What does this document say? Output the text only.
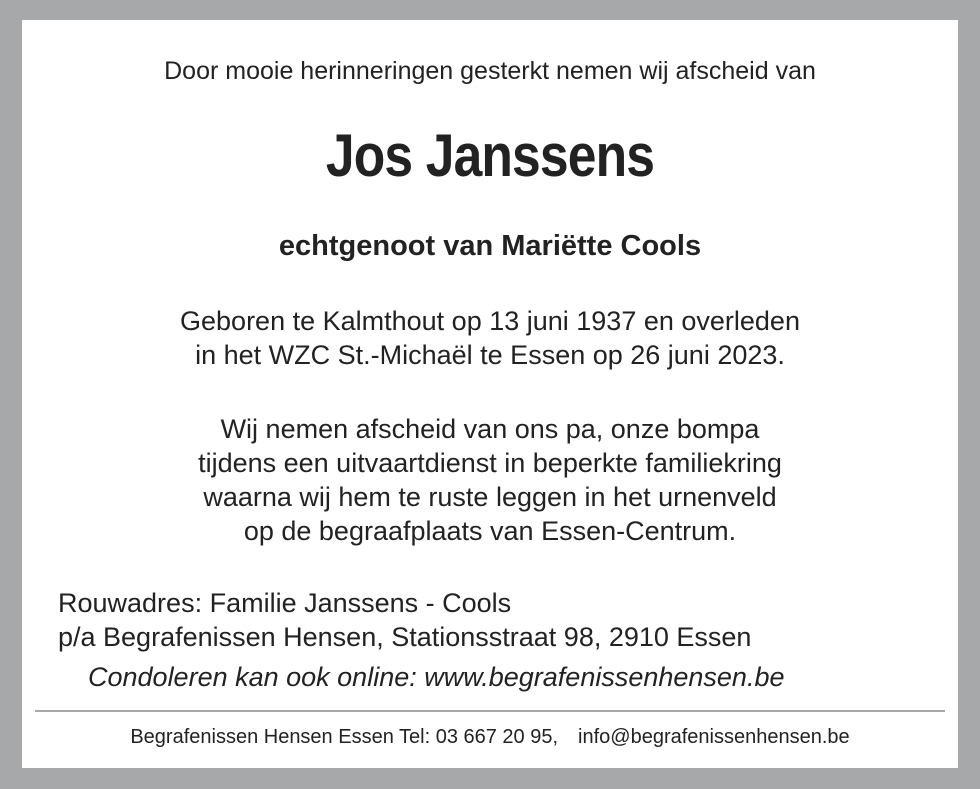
Door mooie herinneringen gesterkt nemen wij afscheid van
Jos Janssens
echtgenoot van Mariëtte Cools
Geboren te Kalmthout op 13 juni 1937 en overleden
in het WZC St.-Michaël te Essen op 26 juni 2023.
Wij nemen afscheid van ons pa, onze bompa
tijdens een uitvaartdienst in beperkte familiekring
waarna wij hem te ruste leggen in het urnenveld
op de begraafplaats van Essen-Centrum.
Rouwadres: Familie Janssens - Cools
p/a Begrafenissen Hensen, Stationsstraat 98, 2910 Essen
Condoleren kan ook online: www.begrafenissenhensen.be
Begrafenissen Hensen Essen Tel: 03 667 20 95, info@begrafenissenhensen.be
